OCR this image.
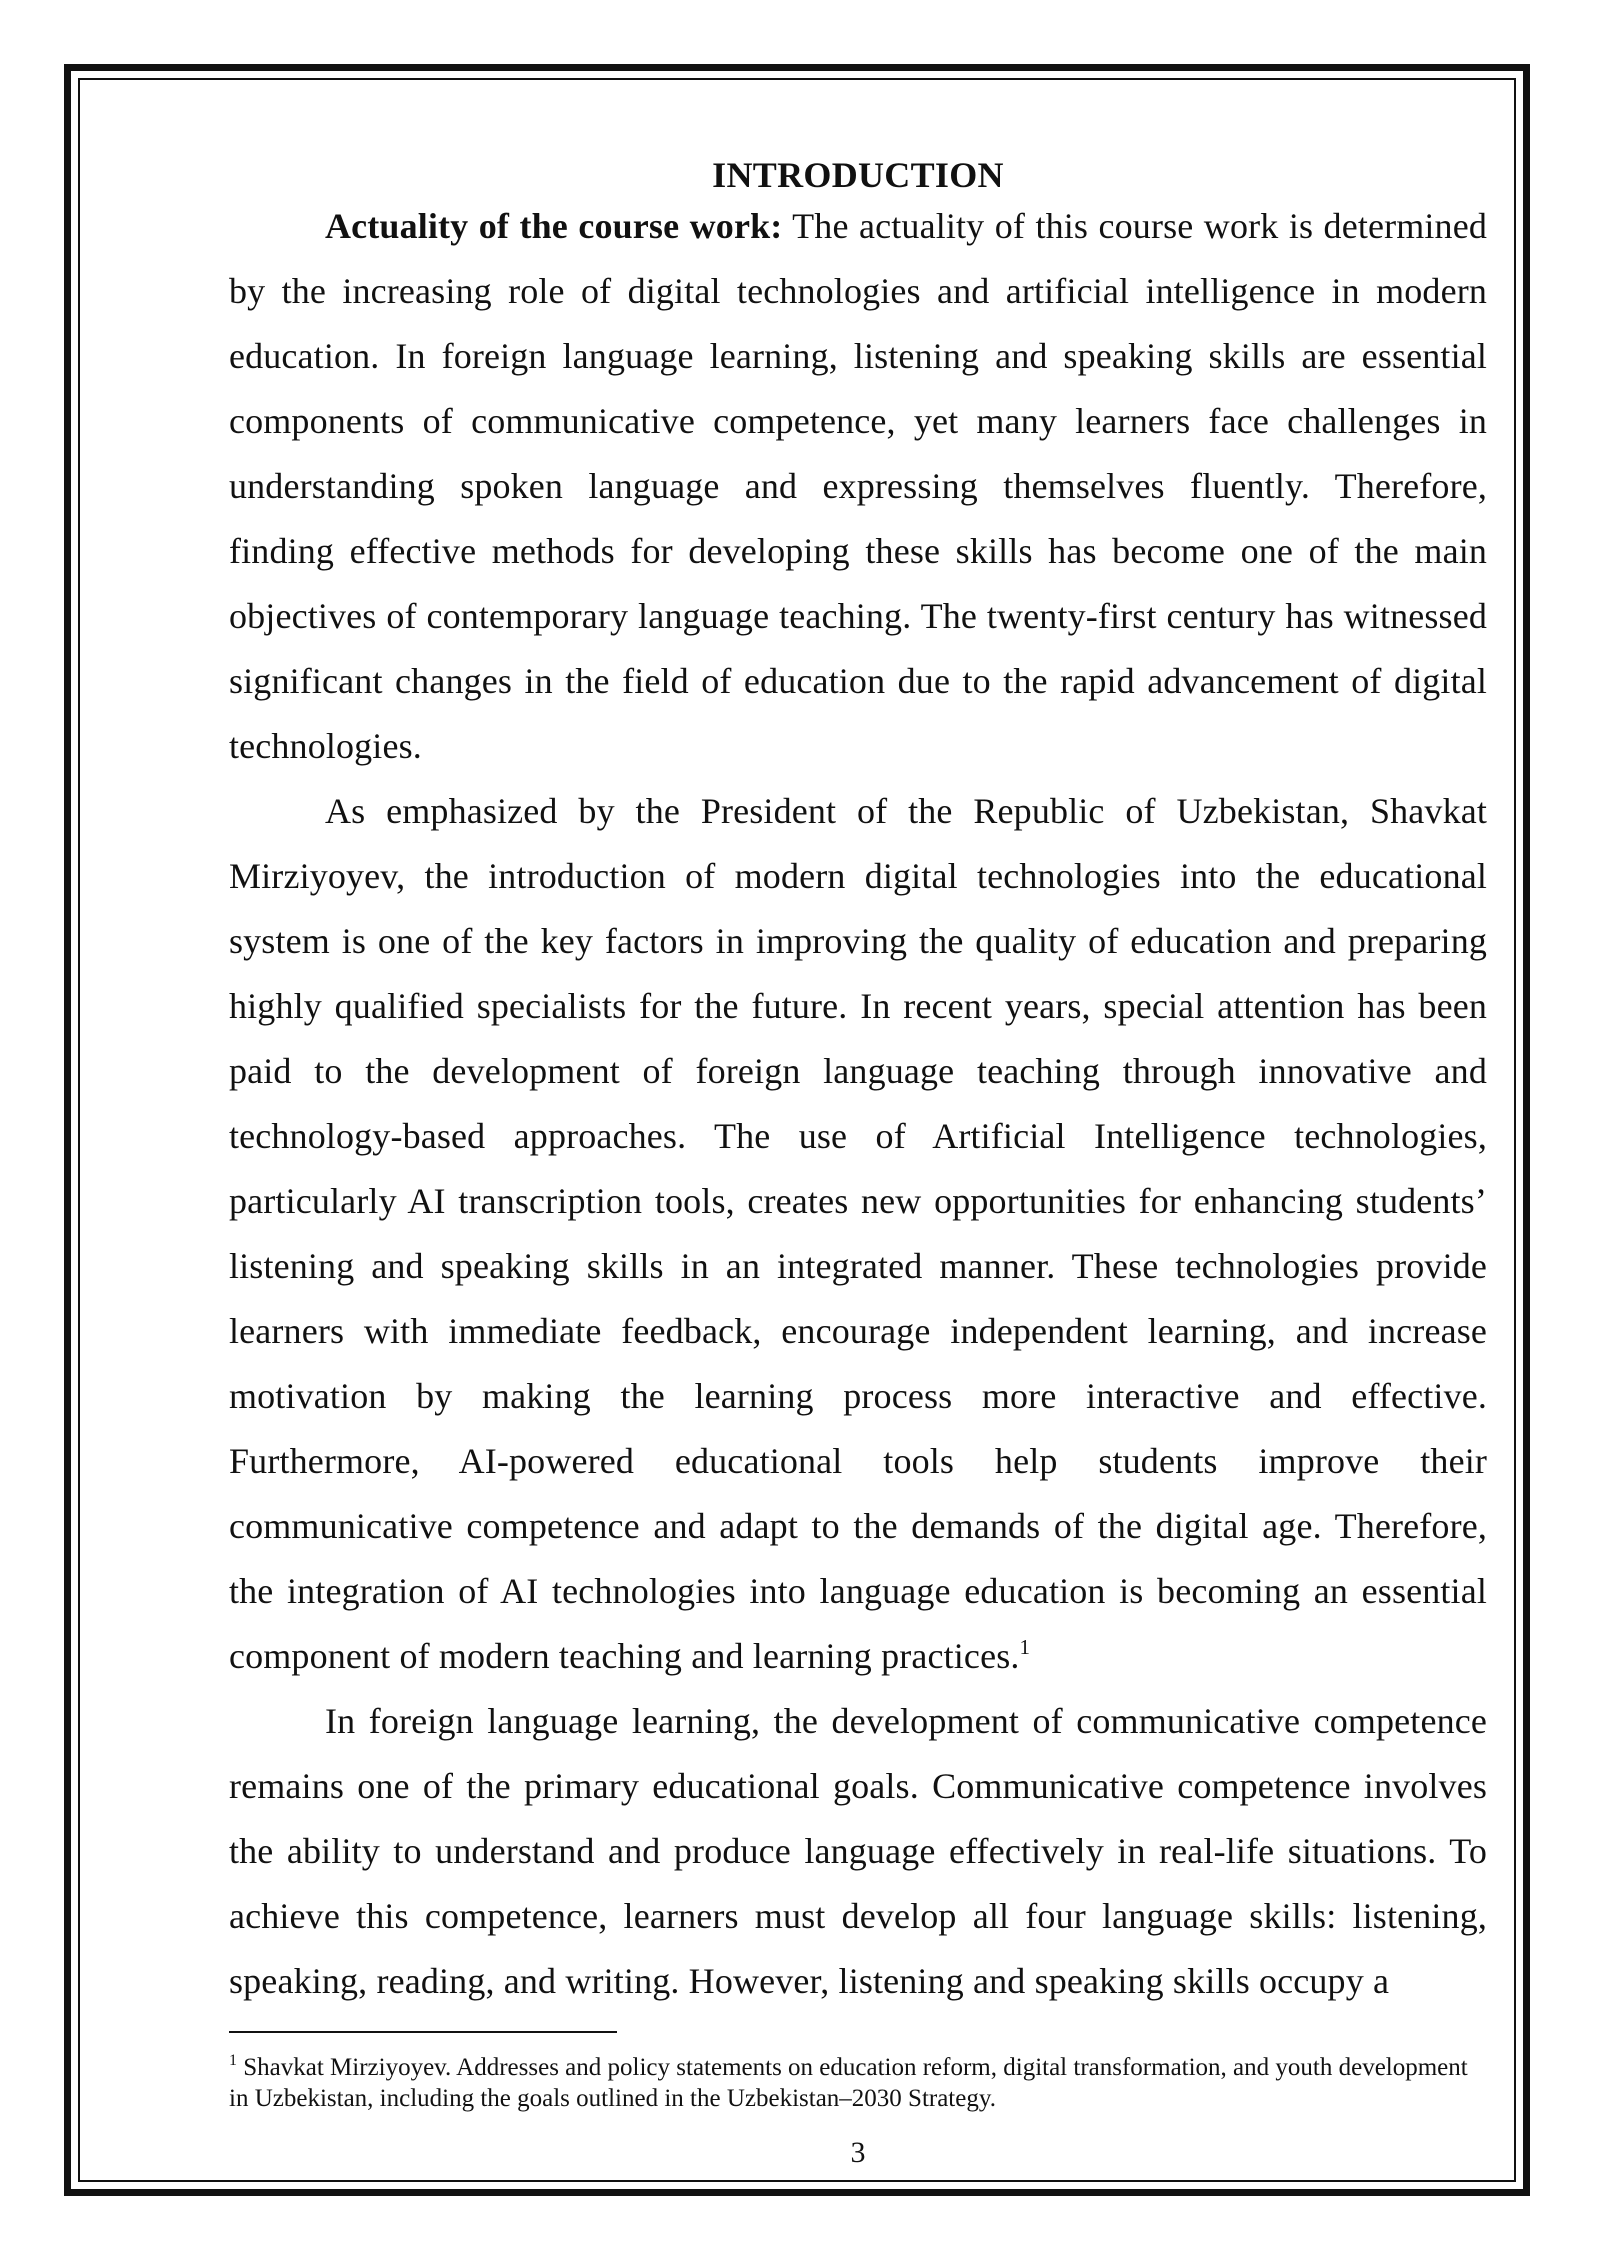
INTRODUCTION

Actuality of the course work: The actuality of this course work is determined by the increasing role of digital technologies and artificial intelligence in modern education. In foreign language learning, listening and speaking skills are essential components of communicative competence, yet many learners face challenges in understanding spoken language and expressing themselves fluently. Therefore, finding effective methods for developing these skills has become one of the main objectives of contemporary language teaching. The twenty-first century has witnessed significant changes in the field of education due to the rapid advancement of digital technologies.

As emphasized by the President of the Republic of Uzbekistan, Shavkat Mirziyoyev, the introduction of modern digital technologies into the educational system is one of the key factors in improving the quality of education and preparing highly qualified specialists for the future. In recent years, special attention has been paid to the development of foreign language teaching through innovative and technology-based approaches. The use of Artificial Intelligence technologies, particularly AI transcription tools, creates new opportunities for enhancing students’ listening and speaking skills in an integrated manner. These technologies provide learners with immediate feedback, encourage independent learning, and increase motivation by making the learning process more interactive and effective. Furthermore, AI-powered educational tools help students improve their communicative competence and adapt to the demands of the digital age. Therefore, the integration of AI technologies into language education is becoming an essential component of modern teaching and learning practices.$^1$

In foreign language learning, the development of communicative competence remains one of the primary educational goals. Communicative competence involves the ability to understand and produce language effectively in real-life situations. To achieve this competence, learners must develop all four language skills: listening, speaking, reading, and writing. However, listening and speaking skills occupy a

$^1$ Shavkat Mirziyoyev. Addresses and policy statements on education reform, digital transformation, and youth development in Uzbekistan, including the goals outlined in the Uzbekistan–2030 Strategy.

3
